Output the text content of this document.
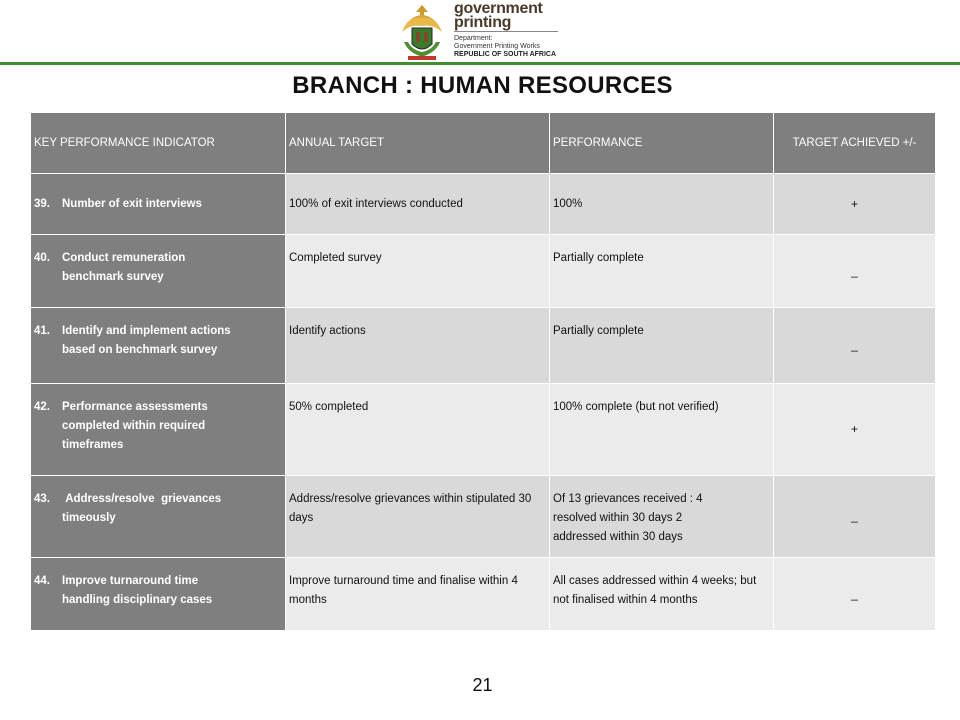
government
printing
Department:
Government Printing Works
REPUBLIC OF SOUTH AFRICA
BRANCH : HUMAN RESOURCES
KEY PERFORMANCE INDICATOR	ANNUAL TARGET	PERFORMANCE	TARGET ACHIEVED +/-

39. Number of exit interviews	100% of exit interviews conducted	100%	+

40. Conduct remuneration benchmark survey	Completed survey	Partially complete	_

41. Identify and implement actions based on benchmark survey	Identify actions	Partially complete	_

42. Performance assessments completed within required timeframes	50% completed	100% complete (but not verified)	+

43. Address/resolve  grievances timeously	Address/resolve grievances within stipulated 30 days	Of 13 grievances received : 4 resolved within 30 days 2 addressed within 30 days	_

44. Improve turnaround time handling disciplinary cases	Improve turnaround time and finalise within 4 months	All cases addressed within 4 weeks; but not finalised within 4 months	_
21
